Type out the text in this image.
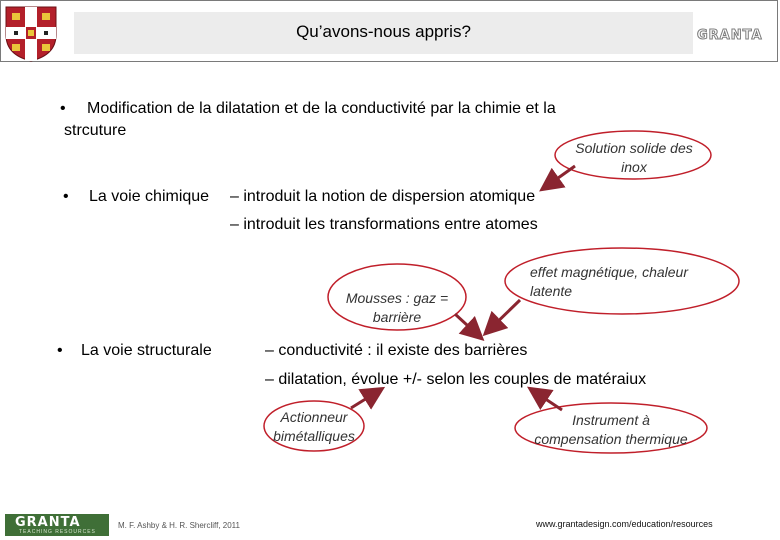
Qu’avons-nous appris?	GRANTA
• Modification de la dilatation et de la conductivité par la chimie et la
strcuture
• La voie chimique – introduit la notion de dispersion atomique
– introduit les transformations entre atomes
• La voie structurale	– conductivité : il existe des barrières
– dilatation, évolue +/- selon les couples de matéraiux
Solution solide des
inox
Mousses : gaz =
barrière
effet magnétique, chaleur
latente
Actionneur
bimétalliques
Instrument à
compensation thermique
GRANTA
TEACHING RESOURCES
M. F. Ashby & H. R. Shercliff, 2011	www.grantadesign.com/education/resources
